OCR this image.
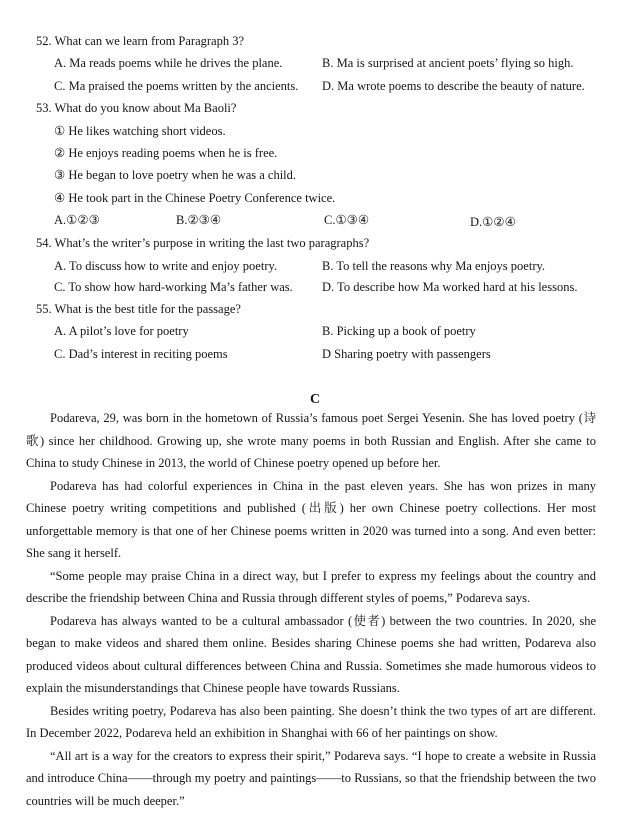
52. What can we learn from Paragraph 3?
A. Ma reads poems while he drives the plane.	B. Ma is surprised at ancient poets’ flying so high.
C. Ma praised the poems written by the ancients. D. Ma wrote poems to describe the beauty of nature.
53. What do you know about Ma Baoli?
① He likes watching short videos.
② He enjoys reading poems when he is free.
③ He began to love poetry when he was a child.
④ He took part in the Chinese Poetry Conference twice.
A.①②③	B.②③④	C.①③④	D.①②④
54. What’s the writer’s purpose in writing the last two paragraphs?
A. To discuss how to write and enjoy poetry.	B. To tell the reasons why Ma enjoys poetry.
C. To show how hard-working Ma’s father was. D. To describe how Ma worked hard at his lessons.
55. What is the best title for the passage?
A. A pilot’s love for poetry	B. Picking up a book of poetry
C. Dad’s interest in reciting poems	D Sharing poetry with passengers
C

Podareva, 29, was born in the hometown of Russia’s famous poet Sergei Yesenin. She has loved poetry (诗歌) since her childhood. Growing up, she wrote many poems in both Russian and English. After she came to China to study Chinese in 2013, the world of Chinese poetry opened up before her.

Podareva has had colorful experiences in China in the past eleven years. She has won prizes in many Chinese poetry writing competitions and published (出版) her own Chinese poetry collections. Her most unforgettable memory is that one of her Chinese poems written in 2020 was turned into a song. And even better: She sang it herself.

“Some people may praise China in a direct way, but I prefer to express my feelings about the country and describe the friendship between China and Russia through different styles of poems,” Podareva says.

Podareva has always wanted to be a cultural ambassador (使者) between the two countries. In 2020, she began to make videos and shared them online. Besides sharing Chinese poems she had written, Podareva also produced videos about cultural differences between China and Russia. Sometimes she made humorous videos to explain the misunderstandings that Chinese people have towards Russians.

Besides writing poetry, Podareva has also been painting. She doesn’t think the two types of art are different. In December 2022, Podareva held an exhibition in Shanghai with 66 of her paintings on show.

“All art is a way for the creators to express their spirit,” Podareva says. “I hope to create a website in Russia and introduce China——through my poetry and paintings——to Russians, so that the friendship between the two countries will be much deeper.”
